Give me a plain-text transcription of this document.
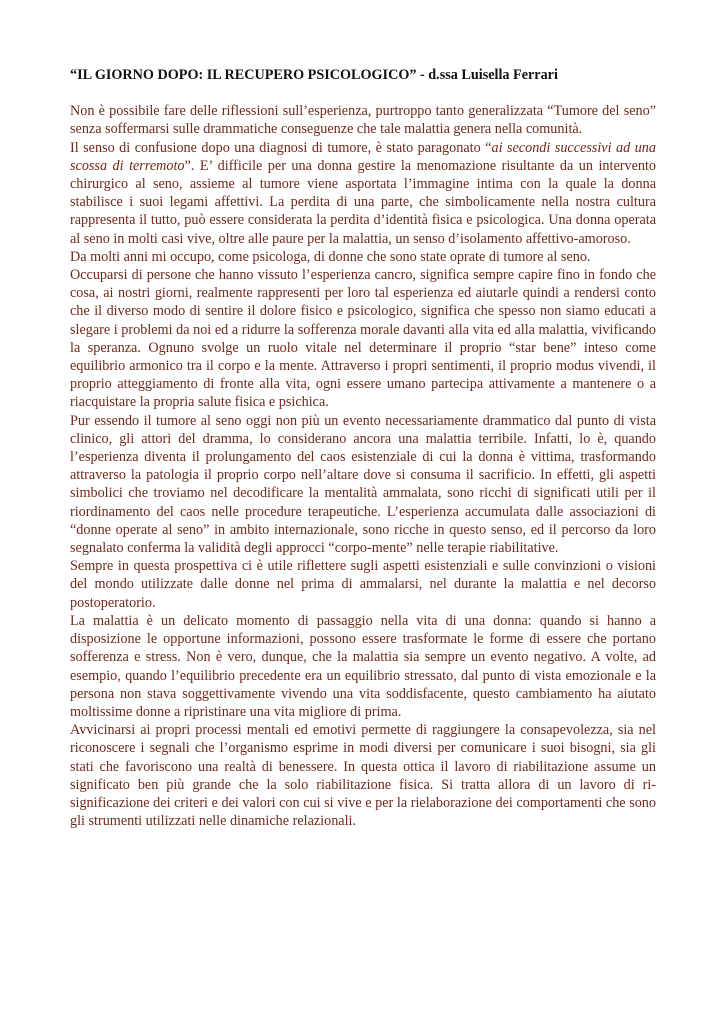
“IL GIORNO DOPO: IL RECUPERO PSICOLOGICO” - d.ssa Luisella Ferrari

Non è possibile fare delle riflessioni sull’esperienza, purtroppo tanto generalizzata “Tumore del seno” senza soffermarsi sulle drammatiche conseguenze che tale malattia genera nella comunità.

Il senso di confusione dopo una diagnosi di tumore, è stato paragonato “ai secondi successivi ad una scossa di terremoto”. E’ difficile per una donna gestire la menomazione risultante da un intervento chirurgico al seno, assieme al tumore viene asportata l’immagine intima con la quale la donna stabilisce i suoi legami affettivi. La perdita di una parte, che simbolicamente nella nostra cultura rappresenta il tutto, può essere considerata la perdita d’identità fisica e psicologica. Una donna operata al seno in molti casi vive, oltre alle paure per la malattia, un senso d’isolamento affettivo-amoroso.

Da molti anni mi occupo, come psicologa, di donne che sono state oprate di tumore al seno.

Occuparsi di persone che hanno vissuto l’esperienza cancro, significa sempre capire fino in fondo che cosa, ai nostri giorni, realmente rappresenti per loro tal esperienza ed aiutarle quindi a rendersi conto che il diverso modo di sentire il dolore fisico e psicologico, significa che spesso non siamo educati a slegare i problemi da noi ed a ridurre la sofferenza morale davanti alla vita ed alla malattia, vivificando la speranza. Ognuno svolge un ruolo vitale nel determinare il proprio “star bene” inteso come equilibrio armonico tra il corpo e la mente. Attraverso i propri sentimenti, il proprio modus vivendi, il proprio atteggiamento di fronte alla vita, ogni essere umano partecipa attivamente a mantenere o a riacquistare la propria salute fisica e psichica.

Pur essendo il tumore al seno oggi non più un evento necessariamente drammatico dal punto di vista clinico, gli attori del dramma, lo considerano ancora una malattia terribile. Infatti, lo è, quando l’esperienza diventa il prolungamento del caos esistenziale di cui la donna è vittima, trasformando attraverso la patologia il proprio corpo nell’altare dove si consuma il sacrificio. In effetti, gli aspetti simbolici che troviamo nel decodificare la mentalità ammalata, sono ricchi di significati utili per il riordinamento del caos nelle procedure terapeutiche. L’esperienza accumulata dalle associazioni di “donne operate al seno” in ambito internazionale, sono ricche in questo senso, ed il percorso da loro segnalato conferma la validità degli approcci “corpo-mente” nelle terapie riabilitative.

Sempre in questa prospettiva ci è utile riflettere sugli aspetti esistenziali e sulle convinzioni o visioni del mondo utilizzate dalle donne nel prima di ammalarsi, nel durante la malattia e nel decorso postoperatorio.

La malattia è un delicato momento di passaggio nella vita di una donna: quando si hanno a disposizione le opportune informazioni, possono essere trasformate le forme di essere che portano sofferenza e stress. Non è vero, dunque, che la malattia sia sempre un evento negativo. A volte, ad esempio, quando l’equilibrio precedente era un equilibrio stressato, dal punto di vista emozionale e la persona non stava soggettivamente vivendo una vita soddisfacente, questo cambiamento ha aiutato moltissime donne a ripristinare una vita migliore di prima.

Avvicinarsi ai propri processi mentali ed emotivi permette di raggiungere la consapevolezza, sia nel riconoscere i segnali che l’organismo esprime in modi diversi per comunicare i suoi bisogni, sia gli stati che favoriscono una realtà di benessere. In questa ottica il lavoro di riabilitazione assume un significato ben più grande che la solo riabilitazione fisica. Si tratta allora di un lavoro di ri-significazione dei criteri e dei valori con cui si vive e per la rielaborazione dei comportamenti che sono gli strumenti utilizzati nelle dinamiche relazionali.
